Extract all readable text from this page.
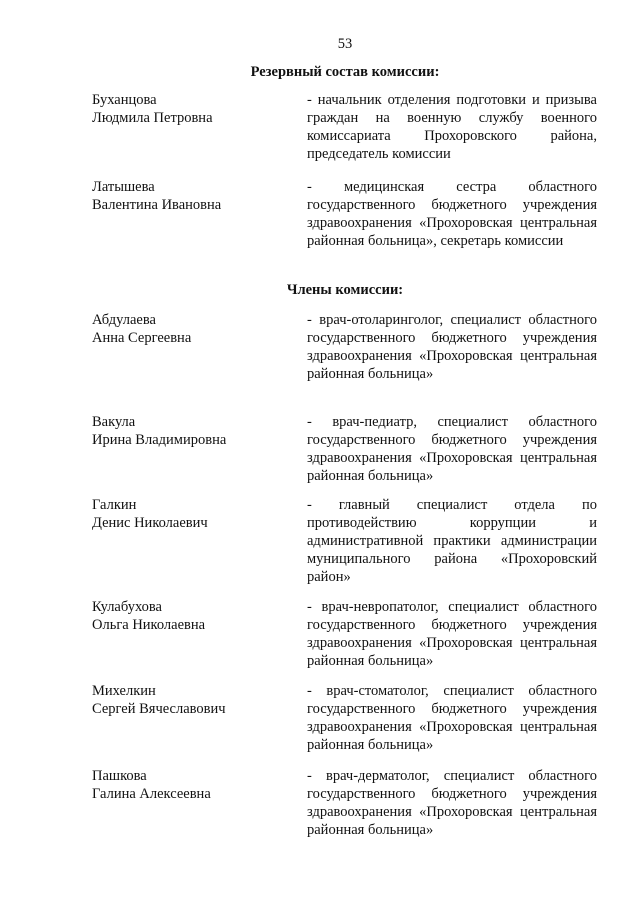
53
Резервный состав комиссии:
Буханцова
Людмила Петровна
- начальник отделения подготовки и призыва граждан на военную службу военного комиссариата Прохоровского района, председатель комиссии
Латышева
Валентина Ивановна
- медицинская сестра областного государственного бюджетного учреждения здравоохранения «Прохоровская центральная районная больница», секретарь комиссии
Члены комиссии:
Абдулаева
Анна Сергеевна
- врач-отоларинголог, специалист областного государственного бюджетного учреждения здравоохранения «Прохоровская центральная районная больница»
Вакула
Ирина Владимировна
- врач-педиатр, специалист областного государственного бюджетного учреждения здравоохранения «Прохоровская центральная районная больница»
Галкин
Денис Николаевич
- главный специалист отдела по противодействию коррупции и административной практики администрации муниципального района «Прохоровский район»
Кулабухова
Ольга Николаевна
- врач-невропатолог, специалист областного государственного бюджетного учреждения здравоохранения «Прохоровская центральная районная больница»
Михелкин
Сергей Вячеславович
- врач-стоматолог, специалист областного государственного бюджетного учреждения здравоохранения «Прохоровская центральная районная больница»
Пашкова
Галина Алексеевна
- врач-дерматолог, специалист областного государственного бюджетного учреждения здравоохранения «Прохоровская центральная районная больница»
